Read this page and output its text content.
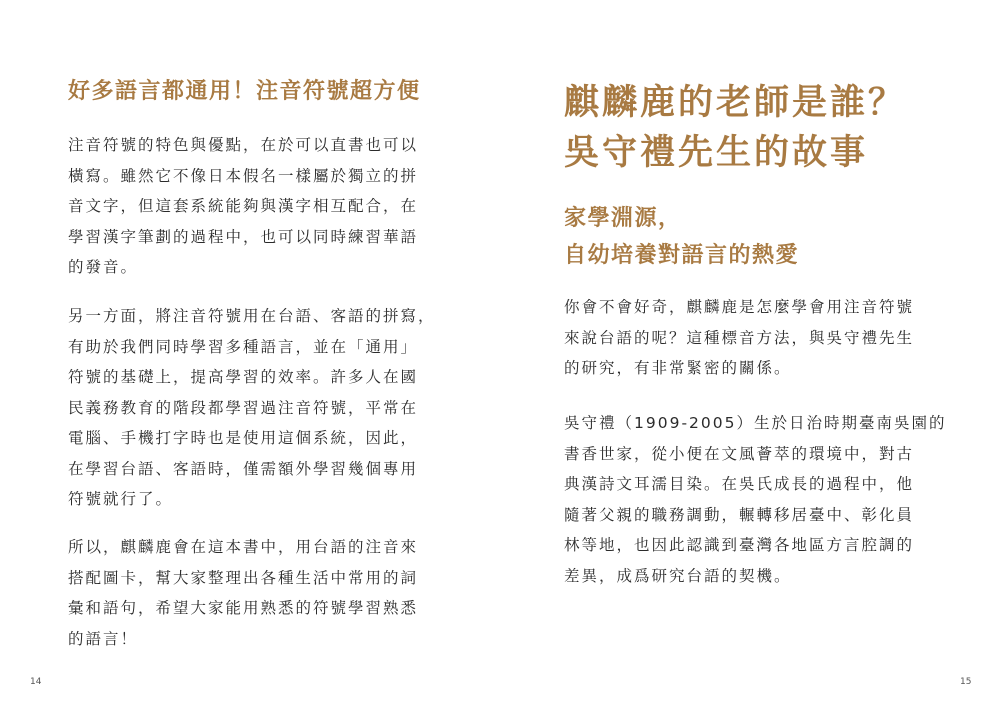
好多語言都通用！注音符號超方便

注音符號的特色與優點，在於可以直書也可以
橫寫。雖然它不像日本假名一樣屬於獨立的拼
音文字，但這套系統能夠與漢字相互配合，在
學習漢字筆劃的過程中，也可以同時練習華語
的發音。

另一方面，將注音符號用在台語、客語的拼寫，
有助於我們同時學習多種語言，並在「通用」
符號的基礎上，提高學習的效率。許多人在國
民義務教育的階段都學習過注音符號，平常在
電腦、手機打字時也是使用這個系統，因此，
在學習台語、客語時，僅需額外學習幾個專用
符號就行了。

所以，麒麟鹿會在這本書中，用台語的注音來
搭配圖卡，幫大家整理出各種生活中常用的詞
彙和語句，希望大家能用熟悉的符號學習熟悉
的語言！

14
麒麟鹿的老師是誰？
吳守禮先生的故事
家學淵源，
自幼培養對語言的熱愛

你會不會好奇，麒麟鹿是怎麼學會用注音符號
來說台語的呢？這種標音方法，與吳守禮先生
的研究，有非常緊密的關係。

吳守禮（1909-2005）生於日治時期臺南吳園的
書香世家，從小便在文風薈萃的環境中，對古
典漢詩文耳濡目染。在吳氏成長的過程中，他
隨著父親的職務調動，輾轉移居臺中、彰化員
林等地，也因此認識到臺灣各地區方言腔調的
差異，成爲研究台語的契機。

15
